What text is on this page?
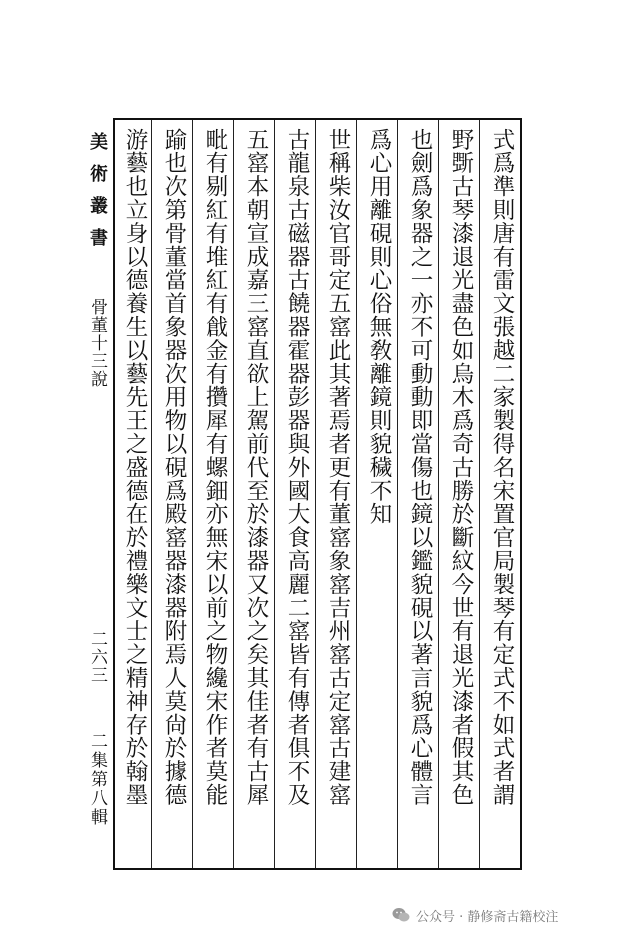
美術叢書
骨董十三說
二六三
二集第八輯	式爲準則唐有雷文張越二家製得名宋置官局製琴有定式不如式者謂
野斲古琴漆退光盡色如烏木爲奇古勝於斷紋今世有退光漆者假其色
也劍爲象器之一亦不可動動即當傷也鏡以鑑貌硯以著言貌爲心體言
爲心用離硯則心俗無敎離鏡則貌穢不知
世稱柴汝官哥定五窰此其著焉者更有董窰象窰吉州窰古定窰古建窰
古龍泉古磁器古饒器霍器彭器與外國大食高麗二窰皆有傳者俱不及
五窰本朝宣成嘉三窰直欲上駕前代至於漆器又次之矣其佳者有古犀
毗有剔紅有堆紅有戧金有攢犀有螺鈿亦無宋以前之物纔宋作者莫能
踰也次第骨董當首象器次用物以硯爲殿窰器漆器附焉人莫尙於據德
游藝也立身以德養生以藝先王之盛德在於禮樂文士之精神存於翰墨
公众号 · 静修斋古籍校注
